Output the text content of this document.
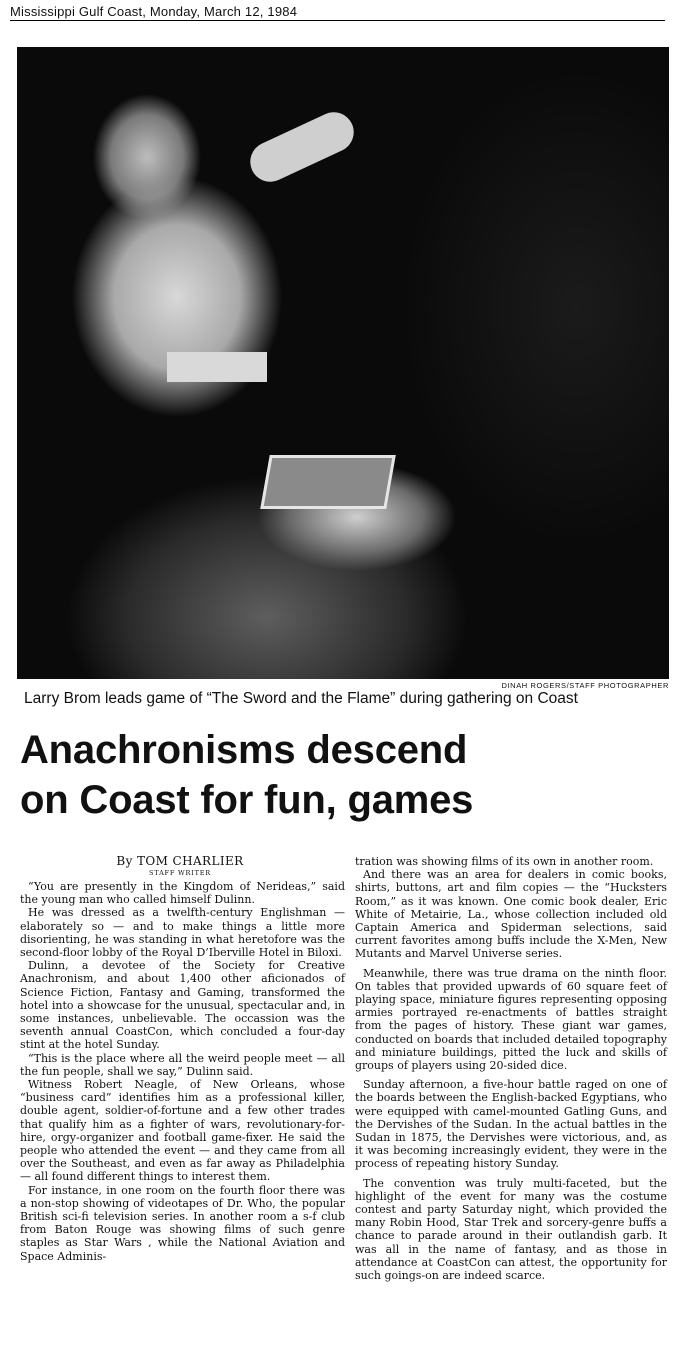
Mississippi Gulf Coast, Monday, March 12, 1984
DINAH ROGERS/STAFF PHOTOGRAPHER
Larry Brom leads game of “The Sword and the Flame” during gathering on Coast
Anachronisms descend
on Coast for fun, games
By TOM CHARLIER
STAFF WRITER

“You are presently in the Kingdom of Nerideas,” said the young man who called himself Dulinn.

He was dressed as a twelfth-century Englishman — elaborately so — and to make things a little more disorienting, he was standing in what heretofore was the second-floor lobby of the Royal D’Iberville Hotel in Biloxi.

Dulinn, a devotee of the Society for Creative Anachronism, and about 1,400 other aficionados of Science Fiction, Fantasy and Gaming, transformed the hotel into a showcase for the unusual, spectacular and, in some instances, unbelievable. The occassion was the seventh annual CoastCon, which concluded a four-day stint at the hotel Sunday.

“This is the place where all the weird people meet — all the fun people, shall we say,” Dulinn said.

Witness Robert Neagle, of New Orleans, whose “business card” identifies him as a professional killer, double agent, soldier-of-fortune and a few other trades that qualify him as a fighter of wars, revolutionary-for-hire, orgy-organizer and football game-fixer. He said the people who attended the event — and they came from all over the Southeast, and even as far away as Philadelphia — all found different things to interest them.

For instance, in one room on the fourth floor there was a non-stop showing of videotapes of Dr. Who, the popular British sci-fi television series. In another room a s-f club from Baton Rouge was showing films of such genre staples as Star Wars , while the National Aviation and Space Adminis-

tration was showing films of its own in another room.

And there was an area for dealers in comic books, shirts, buttons, art and film copies — the “Hucksters Room,” as it was known. One comic book dealer, Eric White of Metairie, La., whose collection included old Captain America and Spiderman selections, said current favorites among buffs include the X-Men, New Mutants and Marvel Universe series.

Meanwhile, there was true drama on the ninth floor. On tables that provided upwards of 60 square feet of playing space, miniature figures representing opposing armies portrayed re-enactments of battles straight from the pages of history. These giant war games, conducted on boards that included detailed topography and miniature buildings, pitted the luck and skills of groups of players using 20-sided dice.

Sunday afternoon, a five-hour battle raged on one of the boards between the English-backed Egyptians, who were equipped with camel-mounted Gatling Guns, and the Dervishes of the Sudan. In the actual battles in the Sudan in 1875, the Dervishes were victorious, and, as it was becoming increasingly evident, they were in the process of repeating history Sunday.

The convention was truly multi-faceted, but the highlight of the event for many was the costume contest and party Saturday night, which provided the many Robin Hood, Star Trek and sorcery-genre buffs a chance to parade around in their outlandish garb. It was all in the name of fantasy, and as those in attendance at CoastCon can attest, the opportunity for such goings-on are indeed scarce.
